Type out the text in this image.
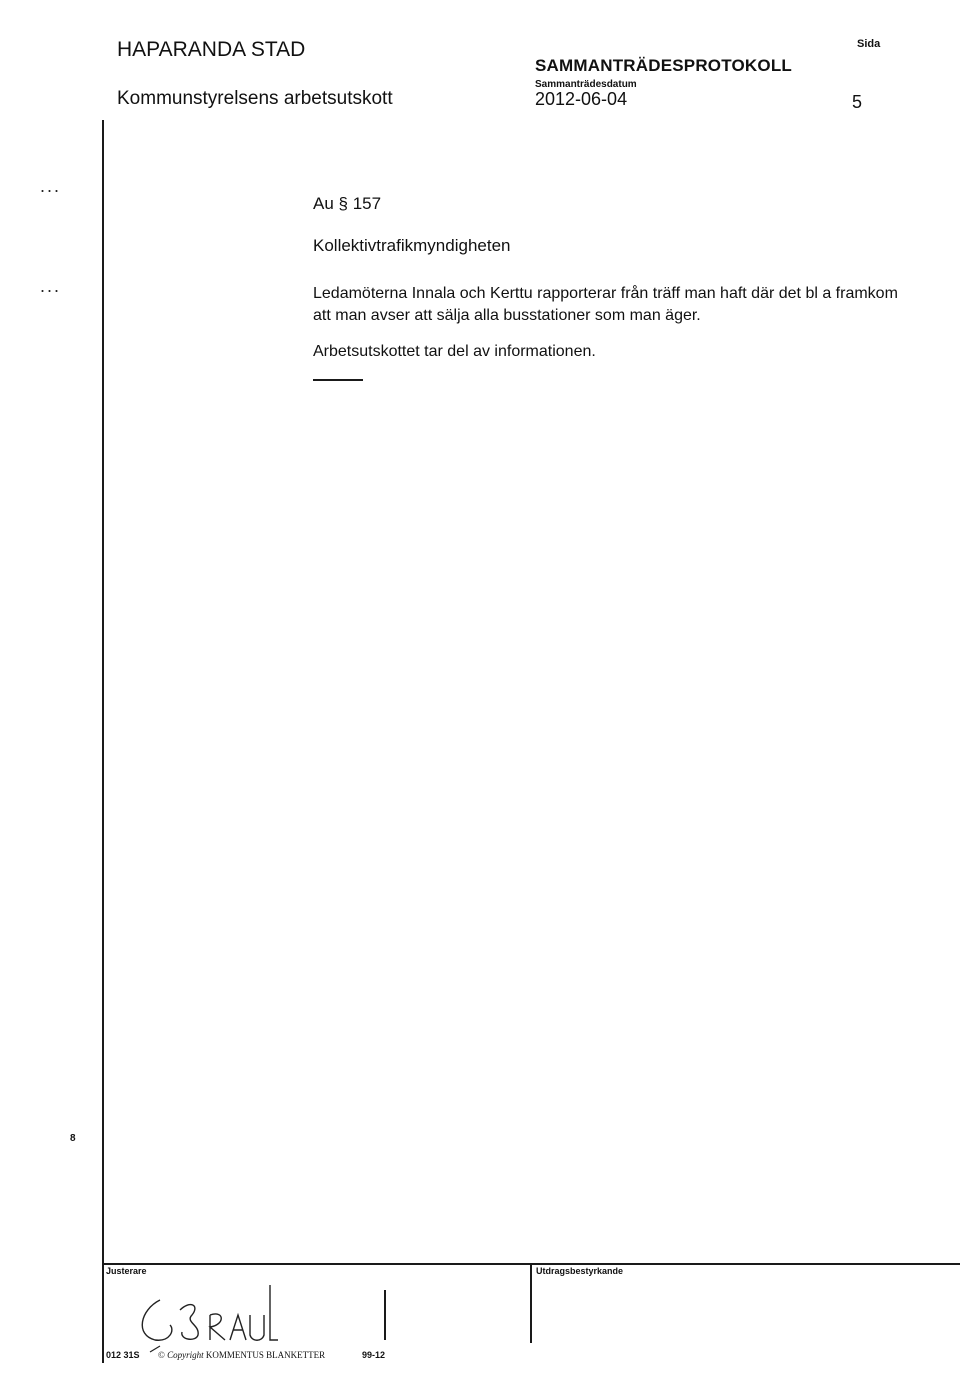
HAPARANDA STAD
Kommunstyrelsens arbetsutskott
SAMMANTRÄDESPROTOKOLL
Sammanträdesdatum
2012-06-04
Sida
5
...
...
Au § 157
Kollektivtrafikmyndigheten
Ledamöterna Innala och Kerttu rapporterar från träff man haft där det bl a framkom att man avser att sälja alla busstationer som man äger.
Arbetsutskottet tar del av informationen.
8
Justerare	Utdragsbestyrkande
012 31S © Copyright KOMMENTUS BLANKETTER	99-12
